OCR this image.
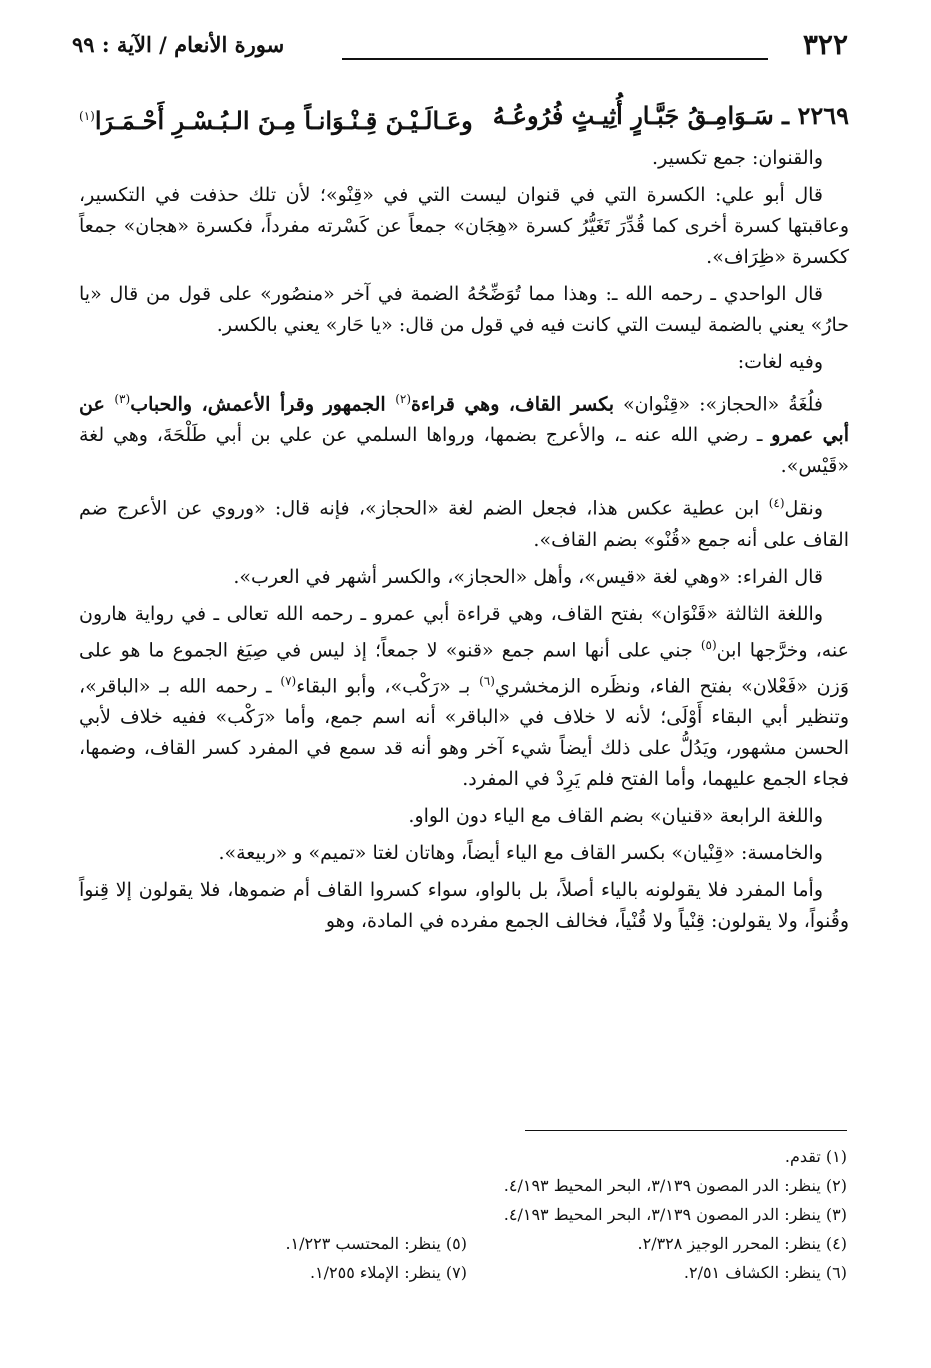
٣٢٢
سورة الأنعام / الآية : ٩٩
٢٢٦٩ ـ سَـوَامِـقُ جَبَّـارٍ أُثِيـثٍ فُرُوعُـهُ
وعَـالَـيْـنَ قِـنْـوَانـاً مِـنَ الـبُـسْـرِ أَحْـمَـرَا$^{(١)}$

والقنوان: جمع تكسير.

قال أبو علي: الكسرة التي في قنوان ليست التي في «قِنْو»؛ لأن تلك حذفت في التكسير، وعاقبتها كسرة أخرى كما قُدِّرَ تَغَيُّرُ كسرة «هِجَان» جمعاً عن كَسْرته مفرداً، فكسرة «هجان» جمعاً ككسرة «ظِرَاف».

قال الواحدي ـ رحمه الله ـ: وهذا مما تُوَضِّحُهُ الضمة في آخر «منصُور» على قول من قال «يا حارُ» يعني بالضمة ليست التي كانت فيه في قول من قال: «يا حَار» يعني بالكسر.

وفيه لغات:

فلُغَةُ «الحجاز»: «قِنْوان» بكسر القاف، وهي قراءة$^{(٢)}$ الجمهور وقرأ الأعمش، والحباب$^{(٣)}$ عن أبي عمرو ـ رضي الله عنه ـ، والأعرج بضمها، ورواها السلمي عن علي بن أبي طَلْحَةَ، وهي لغة «قَيْس».

ونقل$^{(٤)}$ ابن عطية عكس هذا، فجعل الضم لغة «الحجاز»، فإنه قال: «وروي عن الأعرج ضم القاف على أنه جمع «قُنْو» بضم القاف».

قال الفراء: «وهي لغة «قيس»، وأهل «الحجاز»، والكسر أشهر في العرب».

واللغة الثالثة «قَنْوَان» بفتح القاف، وهي قراءة أبي عمرو ـ رحمه الله تعالى ـ في رواية هارون عنه، وخرَّجها ابن$^{(٥)}$ جني على أنها اسم جمع «قنو» لا جمعاً؛ إذ ليس في صِيَغ الجموع ما هو على وَزن «فَعْلان» بفتح الفاء، ونظَره الزمخشري$^{(٦)}$ بـ «رَكْب»، وأبو البقاء$^{(٧)}$ ـ رحمه الله بـ «الباقر»، وتنظير أبي البقاء أَوْلَى؛ لأنه لا خلاف في «الباقر» أنه اسم جمع، وأما «رَكْب» ففيه خلاف لأبي الحسن مشهور، ويَدُلُّ على ذلك أيضاً شيء آخر وهو أنه قد سمع في المفرد كسر القاف، وضمها، فجاء الجمع عليهما، وأما الفتح فلم يَرِدْ في المفرد.

واللغة الرابعة «قنيان» بضم القاف مع الياء دون الواو.

والخامسة: «قِنْيان» بكسر القاف مع الياء أيضاً، وهاتان لغتا «تميم» و «ربيعة».

وأما المفرد فلا يقولونه بالياء أصلاً، بل بالواو، سواء كسروا القاف أم ضموها، فلا يقولون إلا قِنواً وقُنواً، ولا يقولون: قِنْياً ولا قُنْياً، فخالف الجمع مفرده في المادة، وهو

(١) تقدم.
(٢) ينظر: الدر المصون ٣/١٣٩، البحر المحيط ٤/١٩٣.
(٣) ينظر: الدر المصون ٣/١٣٩، البحر المحيط ٤/١٩٣.
(٤) ينظر: المحرر الوجيز ٢/٣٢٨.
(٥) ينظر: المحتسب ١/٢٢٣.
(٦) ينظر: الكشاف ٢/٥١.
(٧) ينظر: الإملاء ١/٢٥٥.
